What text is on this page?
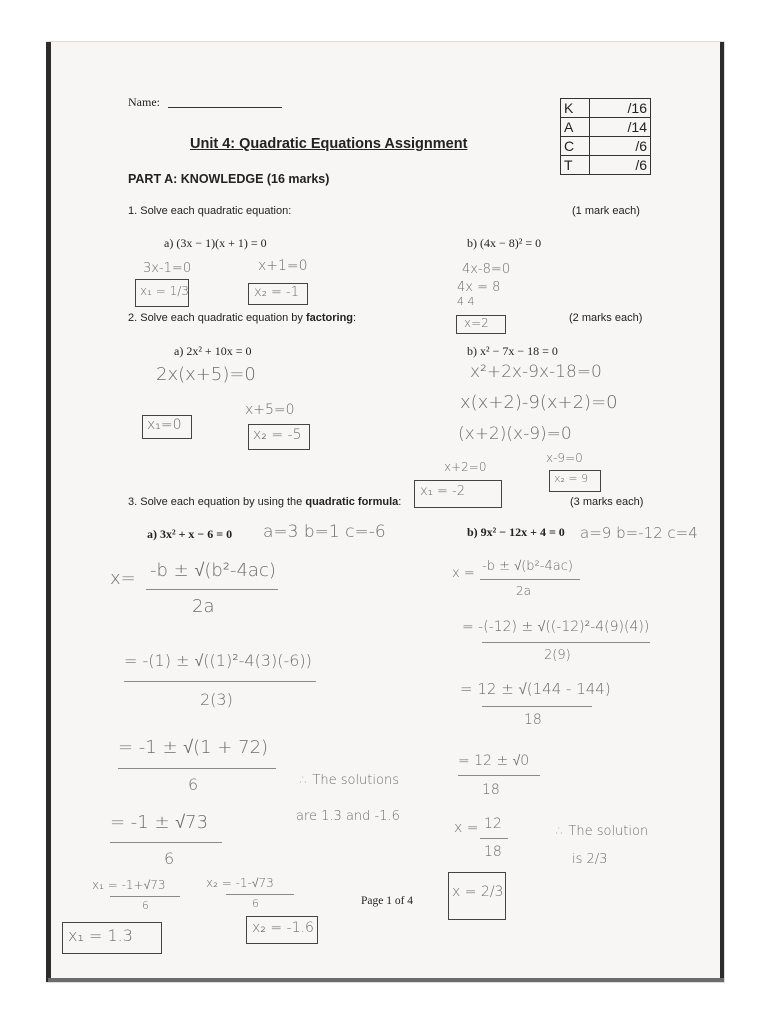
Name:	K	/16
A	/14
C	/6
T	/6
Unit 4: Quadratic Equations Assignment
PART A: KNOWLEDGE (16 marks)
1. Solve each quadratic equation:	(1 mark each)
a) (3x − 1)(x + 1) = 0	b) (4x − 8)² = 0
3x-1=0	x+1=0
x₁ = 1/3	x₂ = -1
4x-8=0
4x = 8
4 4
x=2
2. Solve each quadratic equation by factoring:	(2 marks each)
a) 2x² + 10x = 0	b) x² − 7x − 18 = 0
2x(x+5)=0
x+5=0
x₁=0
x₂ = -5
x²+2x-9x-18=0
x(x+2)-9(x+2)=0
(x+2)(x-9)=0
x+2=0
x-9=0
x₁ = -2
x₂ = 9
3. Solve each equation by using the quadratic formula:	(3 marks each)
a) 3x² + x − 6 = 0	b) 9x² − 12x + 4 = 0
a=3 b=1 c=-6	a=9 b=-12 c=4
x= -b ± √(b²-4ac)
2a
= -(1) ± √((1)²-4(3)(-6))
2(3)
= -1 ± √(1 + 72)
6
= -1 ± √73
6
∴ The solutions
are 1.3 and -1.6
x₁ = -1+√73
6
x₂ = -1-√73
6
x₁ = 1.3	x₂ = -1.6
x = -b ± √(b²-4ac)
2a
= -(-12) ± √((-12)²-4(9)(4))
2(9)
= 12 ± √(144 - 144)
18
= 12 ± √0
18
x = 12
18
∴ The solution
is 2/3
x = 2/3
Page 1 of 4
